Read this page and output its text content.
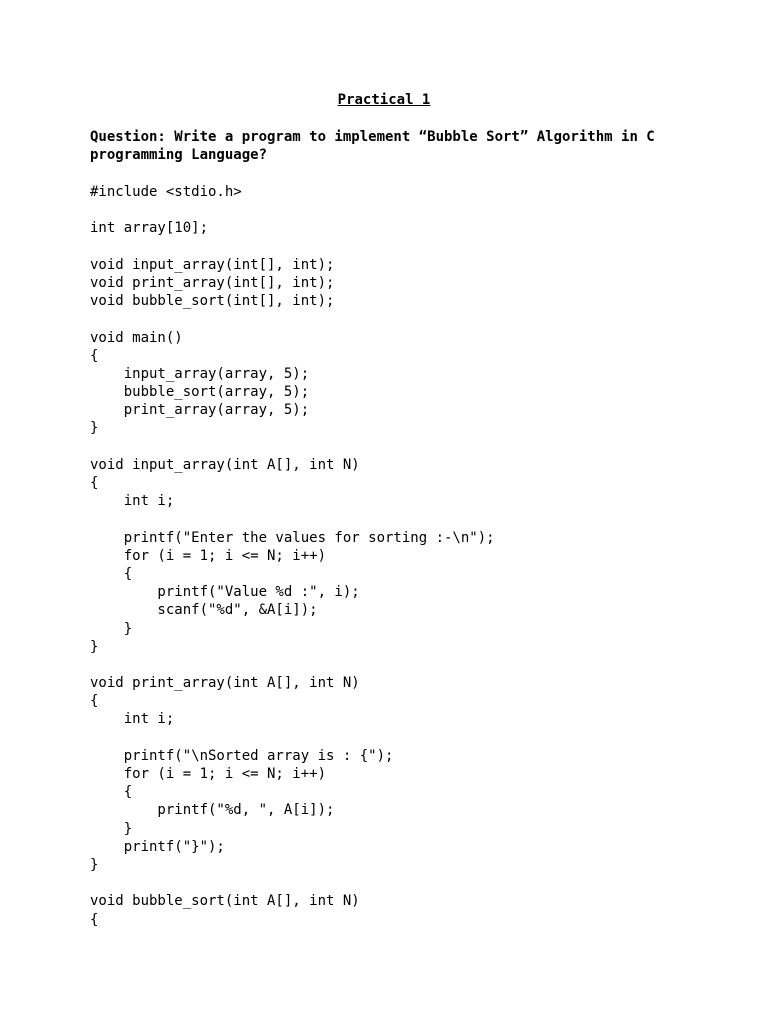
Practical 1
Question: Write a program to implement “Bubble Sort” Algorithm in C
programming Language?
#include <stdio.h>
int array[10];
void input_array(int[], int);
void print_array(int[], int);
void bubble_sort(int[], int);
void main()
{
input_array(array, 5);
bubble_sort(array, 5);
print_array(array, 5);
}
void input_array(int A[], int N)
{
int i;
printf("Enter the values for sorting :-\n");
for (i = 1; i <= N; i++)
{
printf("Value %d :", i);
scanf("%d", &A[i]);
}
}
void print_array(int A[], int N)
{
int i;
printf("\nSorted array is : {");
for (i = 1; i <= N; i++)
{
printf("%d, ", A[i]);
}
printf("}");
}
void bubble_sort(int A[], int N)
{
